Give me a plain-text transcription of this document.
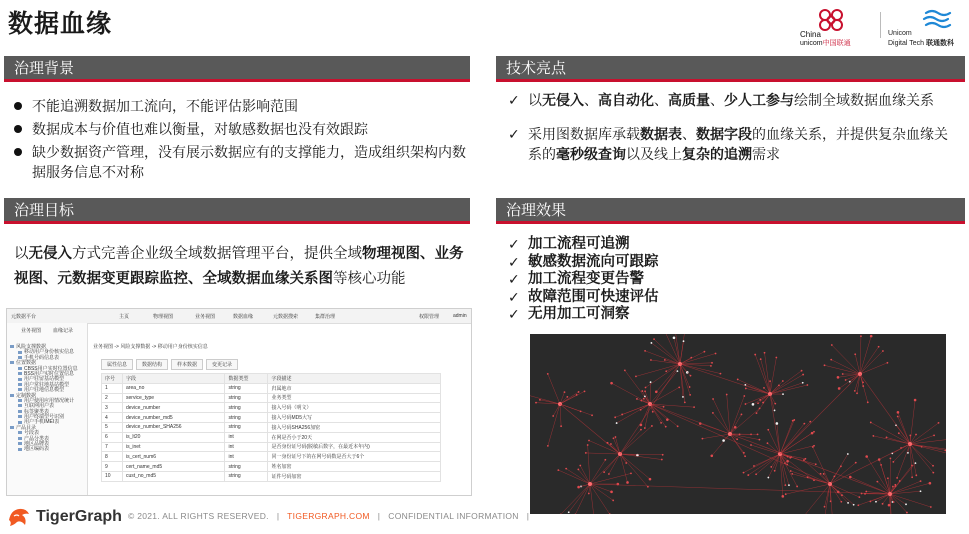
数据血缘	China

unicom中国联通
Unicom
Digital Tech 联通数科
治理背景
不能追溯数据加工流向，不能评估影响范围
数据成本与价值也难以衡量，对敏感数据也没有效跟踪
缺少数据资产管理，没有展示数据应有的支撑能力，造成组织架构内数据服务信息不对称
治理目标
以无侵入方式完善企业级全域数据管理平台，提供全域物理视图、业务视图、元数据变更跟踪监控、全域数据血缘关系图等核心功能
技术亮点
✓ 以无侵入、高自动化、高质量、少人工参与绘制全域数据血缘关系
✓ 采用图数据库承载数据表、数据字段的血缘关系，并提供复杂血缘关系的毫秒级查询以及线上复杂的追溯需求
治理效果
✓ 加工流程可追溯
✓ 敏感数据流向可跟踪
✓ 加工流程变更告警
✓ 故障范围可快速评估
✓ 无用加工可洞察
元数据平台	主页	物理视图	业务视图	数据血缘	元数据搜索	集群治理	权限管理	admin
业务视图 血缘记录
风险支撑数据
移动用户身份核实信息
手机号码信息表
位置数据
CBSS用户实时位置信息
BSS用户实时位置信息
用户驻留基站模型
用户常驻地基站模型
用户驻地信息模型
定制数据
用户使用应用情况统计
互联网用户表
标签聚类表
用户终端型号识别
用户手机IMEI表
产品目录
号段表
产品分类表
地区品牌表
地区编码表
业务视图 -> 风险支撑数据 -> 移动用户身份核实信息
属性信息	数据结构	样本数据	变更记录
序号	字段	数据类型	字段描述
1	area_no	string	归属地市
2	service_type	string	业务类型
3	device_number	string	接入号码（明文）
4	device_number_md5	string	接入号码MD5大写
5	device_number_SHA256	string	接入号码SHA256加密
6	is_lt20	int	在网是否小于20天
7	is_inet	int	是否身份证号码(脱敏后数字，在最近本年内)
8	is_cert_num6	int	同一身份证号下的在网号码数是否大于6个
9	cert_name_md5	string	姓名加密
10	cust_no_md5	string	证件号码加密
TigerGraph © 2021. ALL RIGHTS RESERVED. | TIGERGRAPH.COM | CONFIDENTIAL INFORMATION |
